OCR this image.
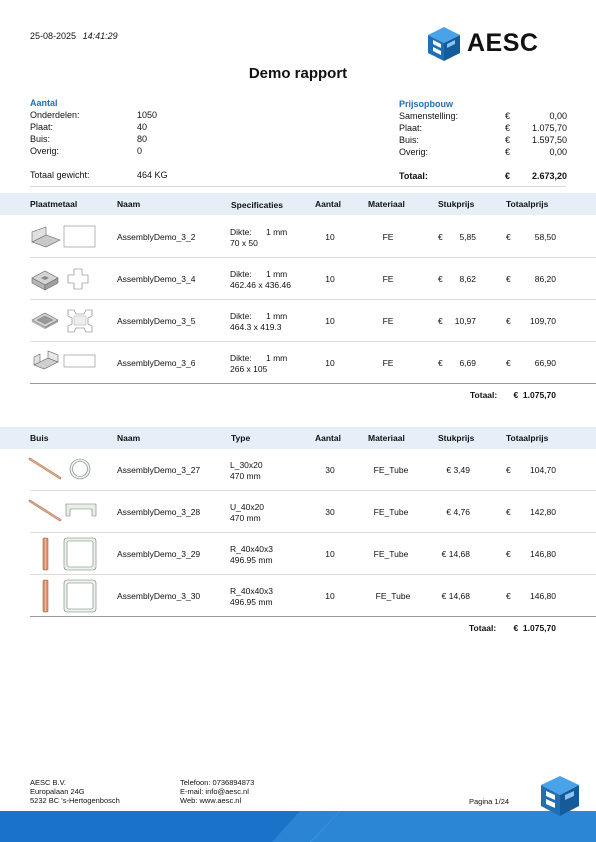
25-08-2025 14:41:29	AESC
Demo rapport
Aantal
Onderdelen:	1050
Plaat:	40
Buis:	80
Overig:	0
Totaal gewicht:	464 KG
Prijsopbouw
Samenstelling:	€	0,00
Plaat:	€	1.075,70
Buis:	€	1.597,50
Overig:	€	0,00
Totaal:	€	2.673,20
Plaatmetaal	Naam	Specificaties	Aantal	Materiaal	Stukprijs	Totaalprijs
AssemblyDemo_3_2	Dikte: 1 mm
70 x 50
10	FE	€	5,85	€	58,50
AssemblyDemo_3_4	Dikte: 1 mm
462.46 x 436.46
10	FE	€	8,62	€	86,20
AssemblyDemo_3_5	Dikte: 1 mm
464.3 x 419.3
10	FE	€	10,97	€	109,70
AssemblyDemo_3_6	Dikte: 1 mm
266 x 105
10	FE	€	6,69	€	66,90
Totaal:	€  1.075,70
Buis	Naam	Type	Aantal	Materiaal	Stukprijs	Totaalprijs
AssemblyDemo_3_27	L_30x20
470 mm
30	FE_Tube	€ 3,49	€	104,70
AssemblyDemo_3_28	U_40x20
470 mm
30	FE_Tube	€ 4,76	€	142,80
AssemblyDemo_3_29	R_40x40x3
496.95 mm
10	FE_Tube	€ 14,68	€	146,80
AssemblyDemo_3_30	R_40x40x3
496.95 mm
10	FE_Tube	€ 14,68	€	146,80
Totaal:	€  1.075,70
AESC B.V.
Europalaan 24G
5232 BC 's-Hertogenbosch
Telefoon: 0736894873
E-mail: info@aesc.nl
Web: www.aesc.nl	Pagina 1/24
